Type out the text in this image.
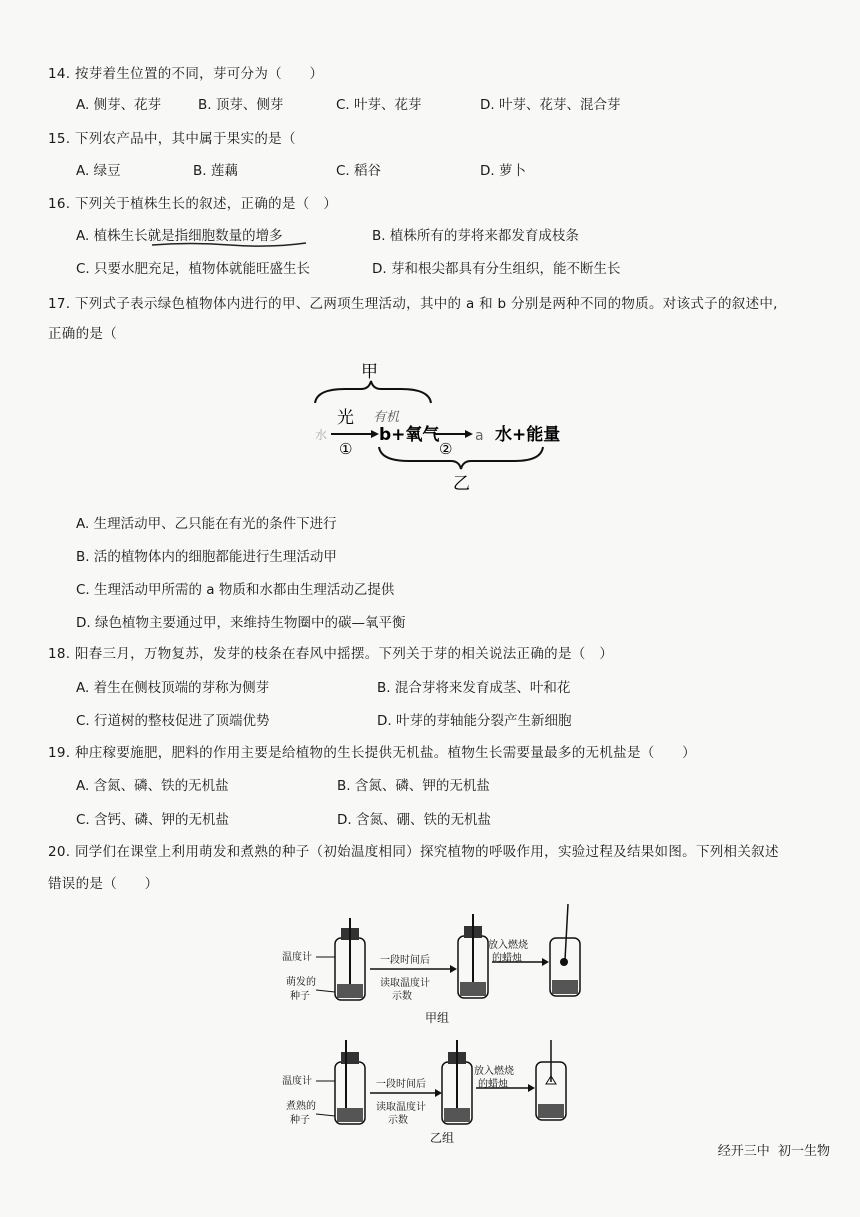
14. 按芽着生位置的不同，芽可分为（　　）
A. 侧芽、花芽	B. 顶芽、侧芽	C. 叶芽、花芽	D. 叶芽、花芽、混合芽
15. 下列农产品中，其中属于果实的是（
A. 绿豆	B. 莲藕	C. 稻谷	D. 萝卜
16. 下列关于植株生长的叙述，正确的是（　）
A. 植株生长就是指细胞数量的增多	B. 植株所有的芽将来都发育成枝条
C. 只要水肥充足，植物体就能旺盛生长	D. 芽和根尖都具有分生组织，能不断生长
17. 下列式子表示绿色植物体内进行的甲、乙两项生理活动，其中的 a 和 b 分别是两种不同的物质。对该式子的叙述中,
正确的是（
甲
光 有机
水
①
b+氧气
②
a 水+能量
乙
A. 生理活动甲、乙只能在有光的条件下进行
B. 活的植物体内的细胞都能进行生理活动甲
C. 生理活动甲所需的 a 物质和水都由生理活动乙提供
D. 绿色植物主要通过甲，来维持生物圈中的碳—氧平衡
18. 阳春三月，万物复苏，发芽的枝条在春风中摇摆。下列关于芽的相关说法正确的是（　）
A. 着生在侧枝顶端的芽称为侧芽	B. 混合芽将来发育成茎、叶和花
C. 行道树的整枝促进了顶端优势	D. 叶芽的芽轴能分裂产生新细胞
19. 种庄稼要施肥，肥料的作用主要是给植物的生长提供无机盐。植物生长需要量最多的无机盐是（　　）
A. 含氮、磷、铁的无机盐	B. 含氮、磷、钾的无机盐
C. 含钙、磷、钾的无机盐	D. 含氮、硼、铁的无机盐
20. 同学们在课堂上利用萌发和煮熟的种子（初始温度相同）探究植物的呼吸作用，实验过程及结果如图。下列相关叙述
错误的是（　　）
温度计
萌发的
种子
一段时间后
读取温度计
示数
放入燃烧
的蜡烛
甲组
温度计
煮熟的
种子
一段时间后
读取温度计
示数
放入燃烧
的蜡烛
乙组
经开三中 初一生物
